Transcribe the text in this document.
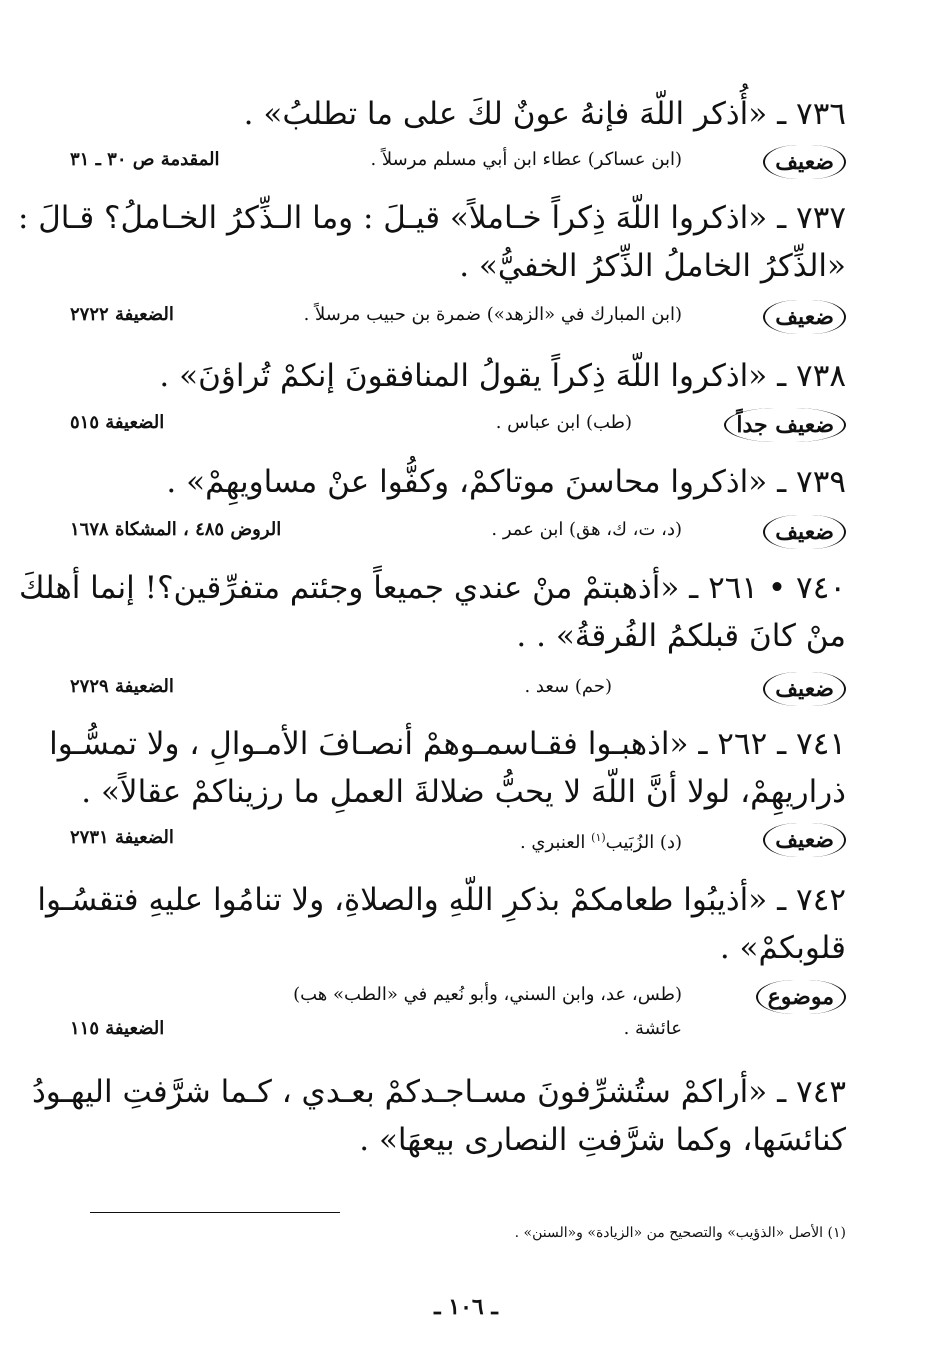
٧٣٦ ـ «أُذكر اللّهَ فإنهُ عونٌ لكَ على ما تطلبُ» .
ضعيف
(ابن عساكر) عطاء ابن أبي مسلم مرسلاً .
المقدمة ص ٣٠ ـ ٣١
٧٣٧ ـ «اذكروا اللّهَ ذِكراً خـاملاً» قيـلَ : وما الـذِّكرُ الخـاملُ؟ قـالَ :
«الذِّكرُ الخاملُ الذِّكرُ الخفيُّ» .
ضعيف
(ابن المبارك في «الزهد») ضمرة بن حبيب مرسلاً .
الضعيفة ٢٧٢٢
٧٣٨ ـ «اذكروا اللّهَ ذِكراً يقولُ المنافقونَ إنكمْ تُراؤنَ» .
ضعيف جداً
(طب) ابن عباس .
الضعيفة ٥١٥
٧٣٩ ـ «اذكروا محاسنَ موتاكمْ، وكفُّوا عنْ مساويهِمْ» .
ضعيف
(د، ت، ك، هق) ابن عمر .
الروض ٤٨٥ ، المشكاة ١٦٧٨
٧٤٠ • ٢٦١ ـ «أذهبتمْ منْ عندي جميعاً وجئتم متفرِّقين؟! إنما أهلكَ
منْ كانَ قبلكمُ الفُرقةُ» . .
ضعيف
(حم) سعد .
الضعيفة ٢٧٢٩
٧٤١ ـ ٢٦٢ ـ «اذهبـوا فقـاسمـوهمْ أنصـافَ الأمـوالِ ، ولا تمسُّـوا
ذراريهِمْ، لولا أنَّ اللّهَ لا يحبُّ ضلالةَ العملِ ما رزيناكمْ عقالاً» .
ضعيف
(د) الزُبَيب$^{(١)}$ العنبري .
الضعيفة ٢٧٣١
٧٤٢ ـ «أذيبُوا طعامكمْ بذكرِ اللّهِ والصلاةِ، ولا تنامُوا عليهِ فتقسُـوا
قلوبكمْ» .
موضوع
(طس، عد، وابن السني، وأبو نُعيم في «الطب» هب)
عائشة .
الضعيفة ١١٥
٧٤٣ ـ «أراكمْ ستُشرِّفونَ مسـاجـدكمْ بعـدي ، كـما شرَّفتِ اليهـودُ
كنائسَها، وكما شرَّفتِ النصارى بيعهَا» .
(١) الأصل «الذؤيب» والتصحيح من «الزيادة» و«السنن» .
ـ ١٠٦ ـ
